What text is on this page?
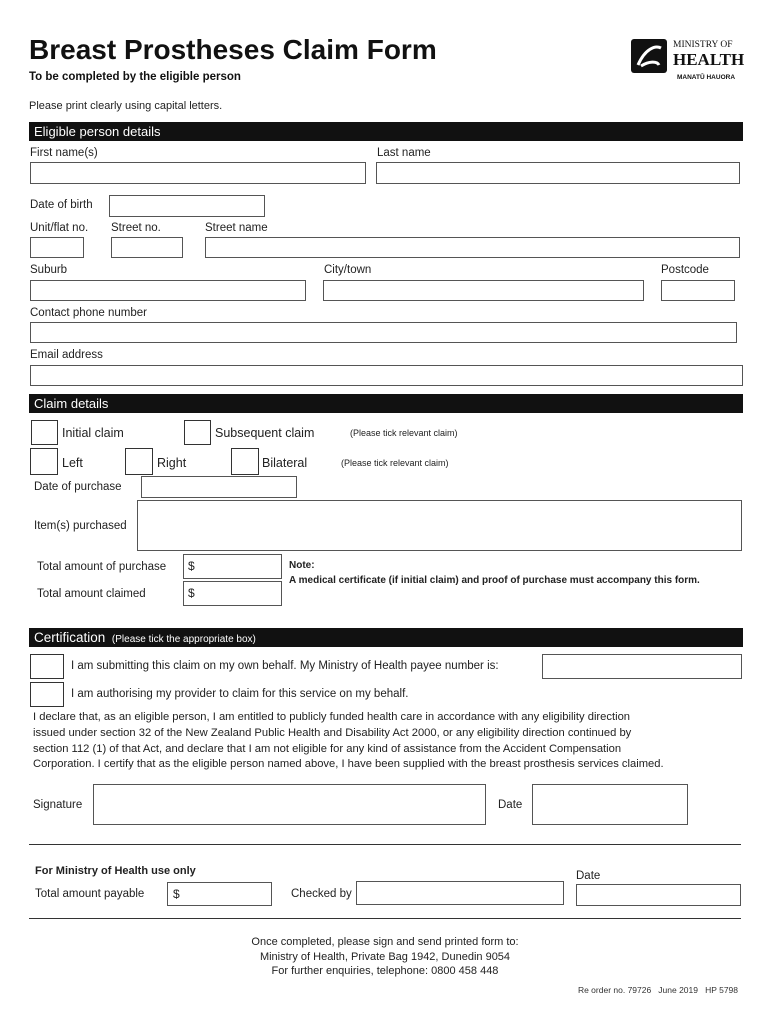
Breast Prostheses Claim Form
To be completed by the eligible person
Please print clearly using capital letters.
MINISTRY OF
HEALTH
MANATŪ HAUORA
Eligible person details
First name(s)	Last name
Date of birth
Unit/flat no. Street no.	Street name
Suburb	City/town	Postcode
Contact phone number
Email address
Claim details
Initial claim	Subsequent claim	(Please tick relevant claim)
Left	Right	Bilateral	(Please tick relevant claim)
Date of purchase
Item(s) purchased
Total amount of purchase $
Total amount claimed	$
Note:
A medical certificate (if initial claim) and proof of purchase must accompany this form.
Certification (Please tick the appropriate box)
I am submitting this claim on my own behalf. My Ministry of Health payee number is:
I am authorising my provider to claim for this service on my behalf.
I declare that, as an eligible person, I am entitled to publicly funded health care in accordance with any eligibility direction
issued under section 32 of the New Zealand Public Health and Disability Act 2000, or any eligibility direction continued by
section 112 (1) of that Act, and declare that I am not eligible for any kind of assistance from the Accident Compensation
Corporation. I certify that as the eligible person named above, I have been supplied with the breast prosthesis services claimed.
Signature	Date
For Ministry of Health use only	Date
Total amount payable $	Checked by
Once completed, please sign and send printed form to:
Ministry of Health, Private Bag 1942, Dunedin 9054
For further enquiries, telephone: 0800 458 448
Re order no. 79726   June 2019   HP 5798
